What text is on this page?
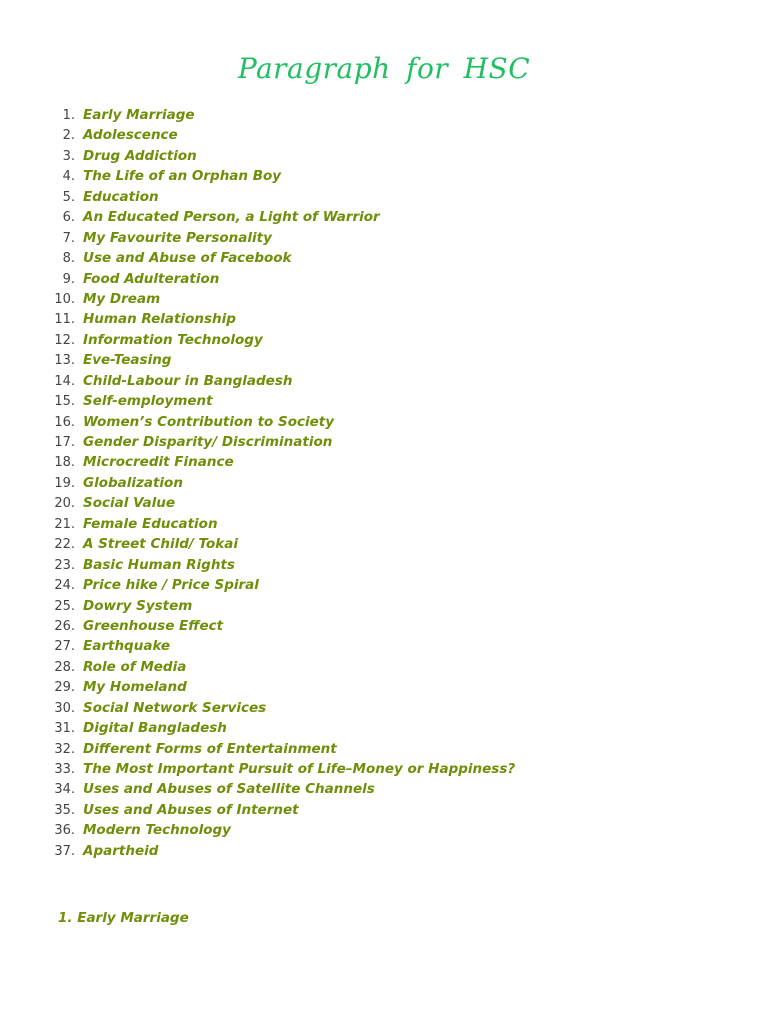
Paragraph for HSC
1. Early Marriage
2. Adolescence
3. Drug Addiction
4. The Life of an Orphan Boy
5. Education
6. An Educated Person, a Light of Warrior
7. My Favourite Personality
8. Use and Abuse of Facebook
9. Food Adulteration
10. My Dream
11. Human Relationship
12. Information Technology
13. Eve-Teasing
14. Child-Labour in Bangladesh
15. Self-employment
16. Women’s Contribution to Society
17. Gender Disparity/ Discrimination
18. Microcredit Finance
19. Globalization
20. Social Value
21. Female Education
22. A Street Child/ Tokai
23. Basic Human Rights
24. Price hike / Price Spiral
25. Dowry System
26. Greenhouse Effect
27. Earthquake
28. Role of Media
29. My Homeland
30. Social Network Services
31. Digital Bangladesh
32. Different Forms of Entertainment
33. The Most Important Pursuit of Life–Money or Happiness?
34. Uses and Abuses of Satellite Channels
35. Uses and Abuses of Internet
36. Modern Technology
37. Apartheid
1. Early Marriage
